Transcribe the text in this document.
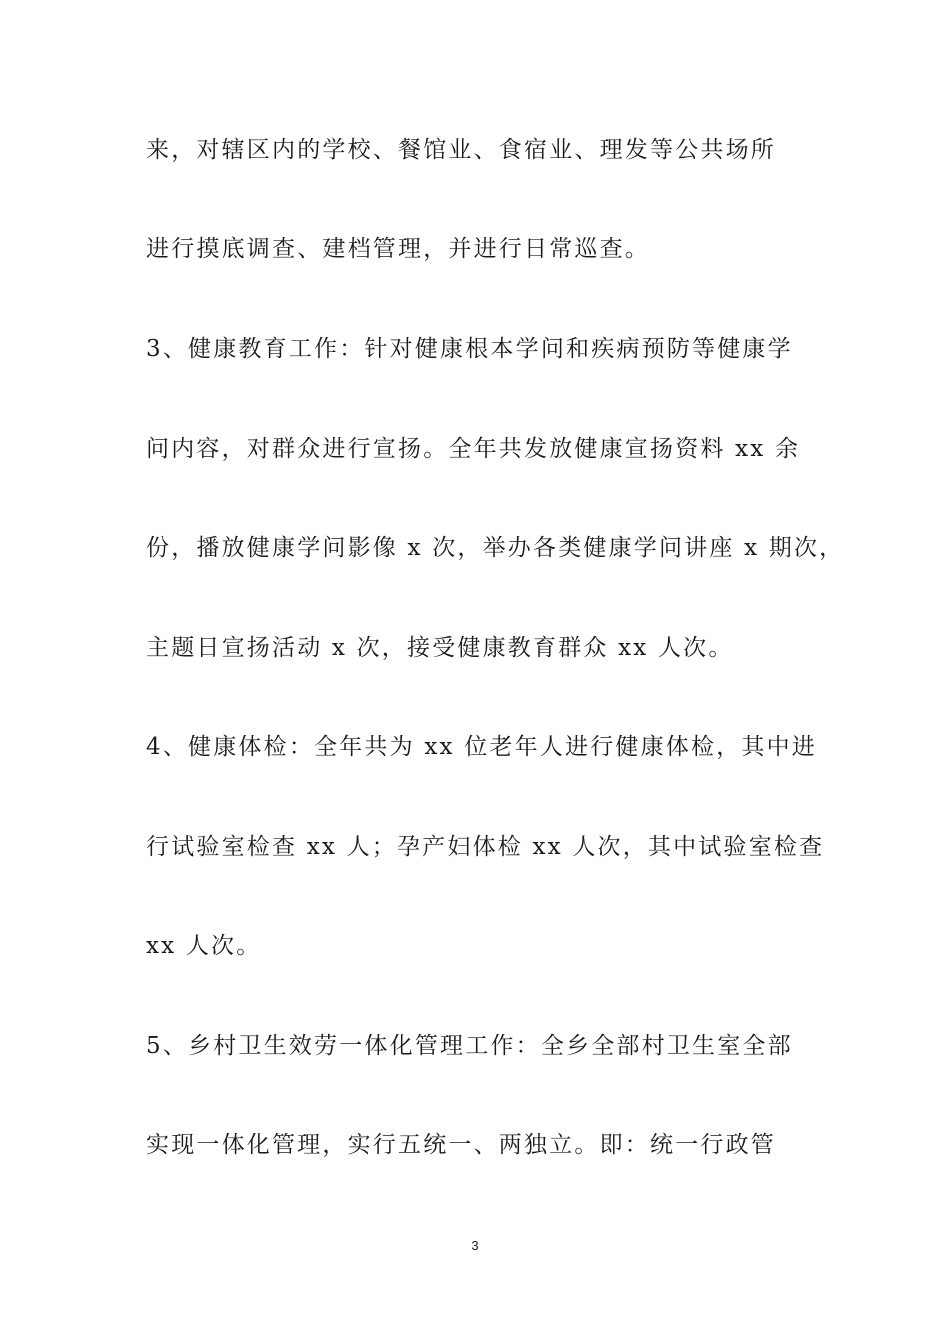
来，对辖区内的学校、餐馆业、食宿业、理发等公共场所
进行摸底调查、建档管理，并进行日常巡查。
3、健康教育工作：针对健康根本学问和疾病预防等健康学
问内容，对群众进行宣扬。全年共发放健康宣扬资料 xx 余
份，播放健康学问影像 x 次，举办各类健康学问讲座 x 期次，
主题日宣扬活动 x 次，接受健康教育群众 xx 人次。
4、健康体检：全年共为 xx 位老年人进行健康体检，其中进
行试验室检查 xx 人；孕产妇体检 xx 人次，其中试验室检查
xx 人次。
5、乡村卫生效劳一体化管理工作：全乡全部村卫生室全部
实现一体化管理，实行五统一、两独立。即：统一行政管
3
